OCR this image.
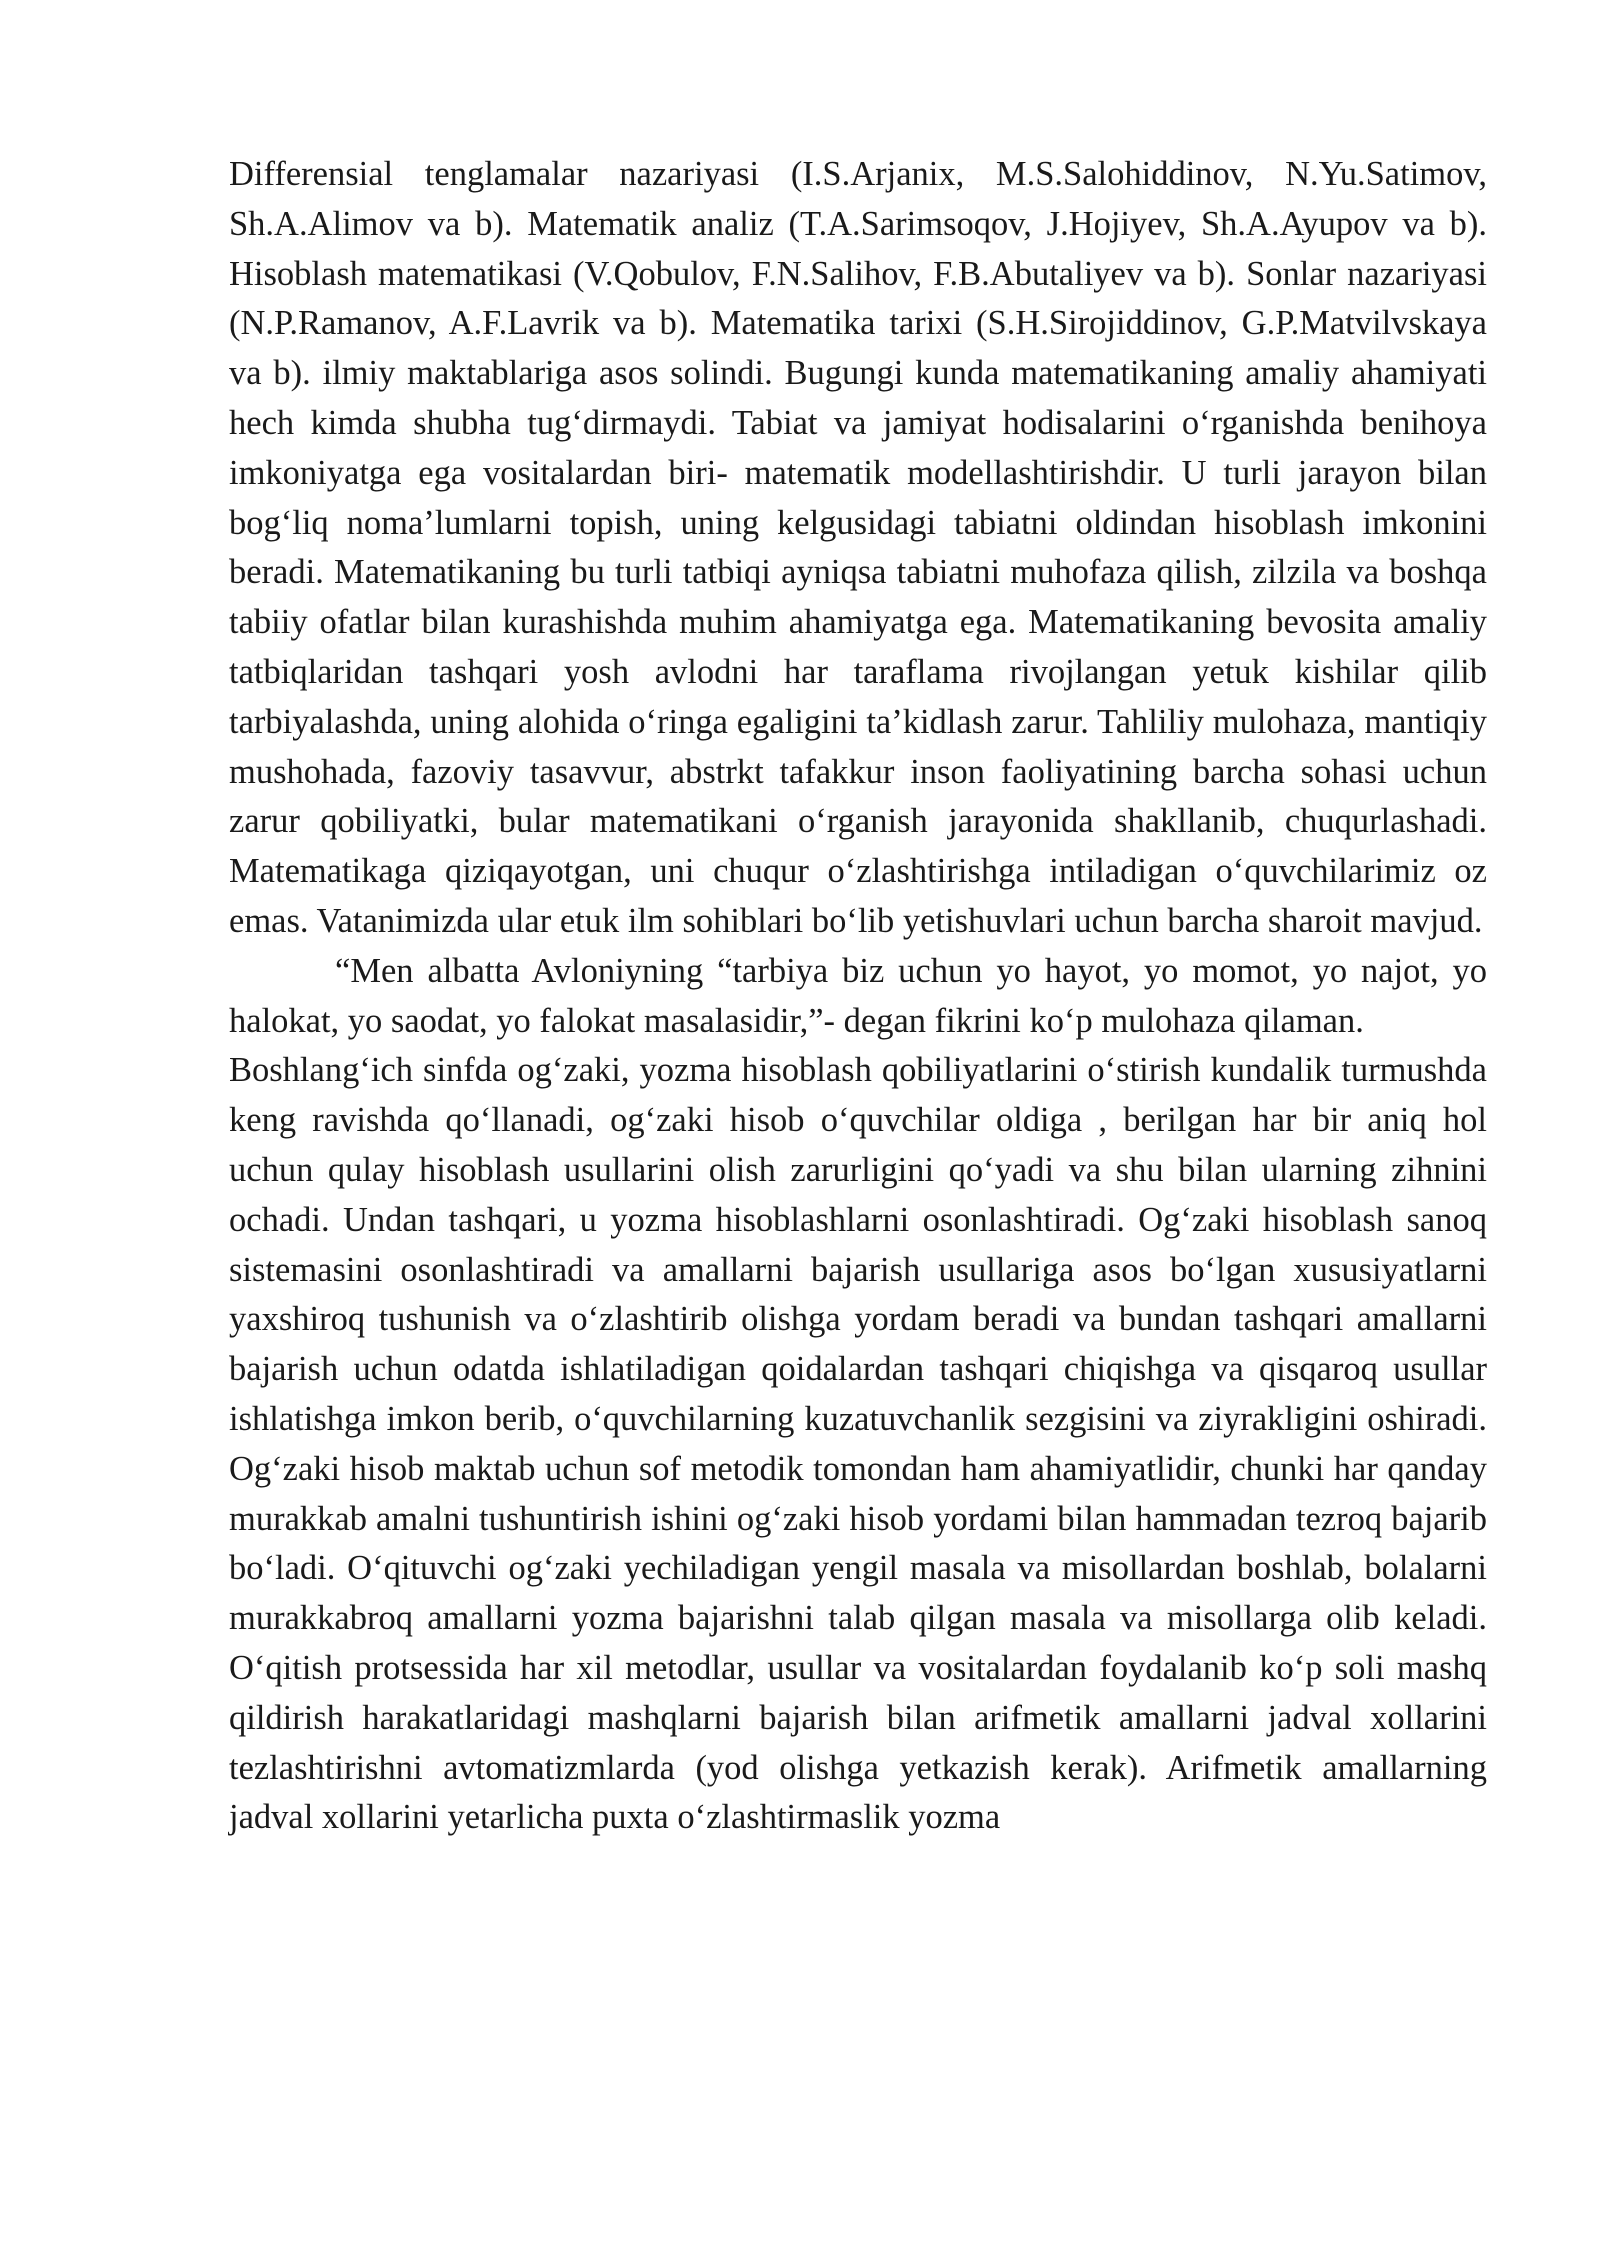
Differensial tenglamalar nazariyasi (I.S.Arjanix, M.S.Salohiddinov, N.Yu.Satimov, Sh.A.Alimov va b). Matematik analiz (T.A.Sarimsoqov, J.Hojiyev, Sh.A.Ayupov va b). Hisoblash matematikasi (V.Qobulov, F.N.Salihov, F.B.Abutaliyev va b). Sonlar nazariyasi (N.P.Ramanov, A.F.Lavrik va b). Matematika tarixi (S.H.Sirojiddinov, G.P.Matvilvskaya va b). ilmiy maktablariga asos solindi. Bugungi kunda matematikaning amaliy ahamiyati hech kimda shubha tug‘dirmaydi. Tabiat va jamiyat hodisalarini o‘rganishda benihoya imkoniyatga ega vositalardan biri- matematik modellashtirishdir. U turli jarayon bilan bog‘liq noma’lumlarni topish, uning kelgusidagi tabiatni oldindan hisoblash imkonini beradi. Matematikaning bu turli tatbiqi ayniqsa tabiatni muhofaza qilish, zilzila va boshqa tabiiy ofatlar bilan kurashishda muhim ahamiyatga ega. Matematikaning bevosita amaliy tatbiqlaridan tashqari yosh avlodni har taraflama rivojlangan yetuk kishilar qilib tarbiyalashda, uning alohida o‘ringa egaligini ta’kidlash zarur. Tahliliy mulohaza, mantiqiy mushohada, fazoviy tasavvur, abstrkt tafakkur inson faoliyatining barcha sohasi uchun zarur qobiliyatki, bular matematikani o‘rganish jarayonida shakllanib, chuqurlashadi. Matematikaga qiziqayotgan, uni chuqur o‘zlashtirishga intiladigan o‘quvchilarimiz oz emas. Vatanimizda ular etuk ilm sohiblari bo‘lib yetishuvlari uchun barcha sharoit mavjud.

“Men albatta Avloniyning “tarbiya biz uchun yo hayot, yo momot, yo najot, yo halokat, yo saodat, yo falokat masalasidir,”- degan fikrini ko‘p mulohaza qilaman.

Boshlang‘ich sinfda og‘zaki, yozma hisoblash qobiliyatlarini o‘stirish kundalik turmushda keng ravishda qo‘llanadi, og‘zaki hisob o‘quvchilar oldiga , berilgan har bir aniq hol uchun qulay hisoblash usullarini olish zarurligini qo‘yadi va shu bilan ularning zihnini ochadi. Undan tashqari, u yozma hisoblashlarni osonlashtiradi. Og‘zaki hisoblash sanoq sistemasini osonlashtiradi va amallarni bajarish usullariga asos bo‘lgan xususiyatlarni yaxshiroq tushunish va o‘zlashtirib olishga yordam beradi va bundan tashqari amallarni bajarish uchun odatda ishlatiladigan qoidalardan tashqari chiqishga va qisqaroq usullar ishlatishga imkon berib, o‘quvchilarning kuzatuvchanlik sezgisini va ziyrakligini oshiradi. Og‘zaki hisob maktab uchun sof metodik tomondan ham ahamiyatlidir, chunki har qanday murakkab amalni tushuntirish ishini og‘zaki hisob yordami bilan hammadan tezroq bajarib bo‘ladi. O‘qituvchi og‘zaki yechiladigan yengil masala va misollardan boshlab, bolalarni murakkabroq amallarni yozma bajarishni talab qilgan masala va misollarga olib keladi. O‘qitish protsessida har xil metodlar, usullar va vositalardan foydalanib ko‘p soli mashq qildirish harakatlaridagi mashqlarni bajarish bilan arifmetik amallarni jadval xollarini tezlashtirishni avtomatizmlarda (yod olishga yetkazish kerak). Arifmetik amallarning jadval xollarini yetarlicha puxta o‘zlashtirmaslik yozma
